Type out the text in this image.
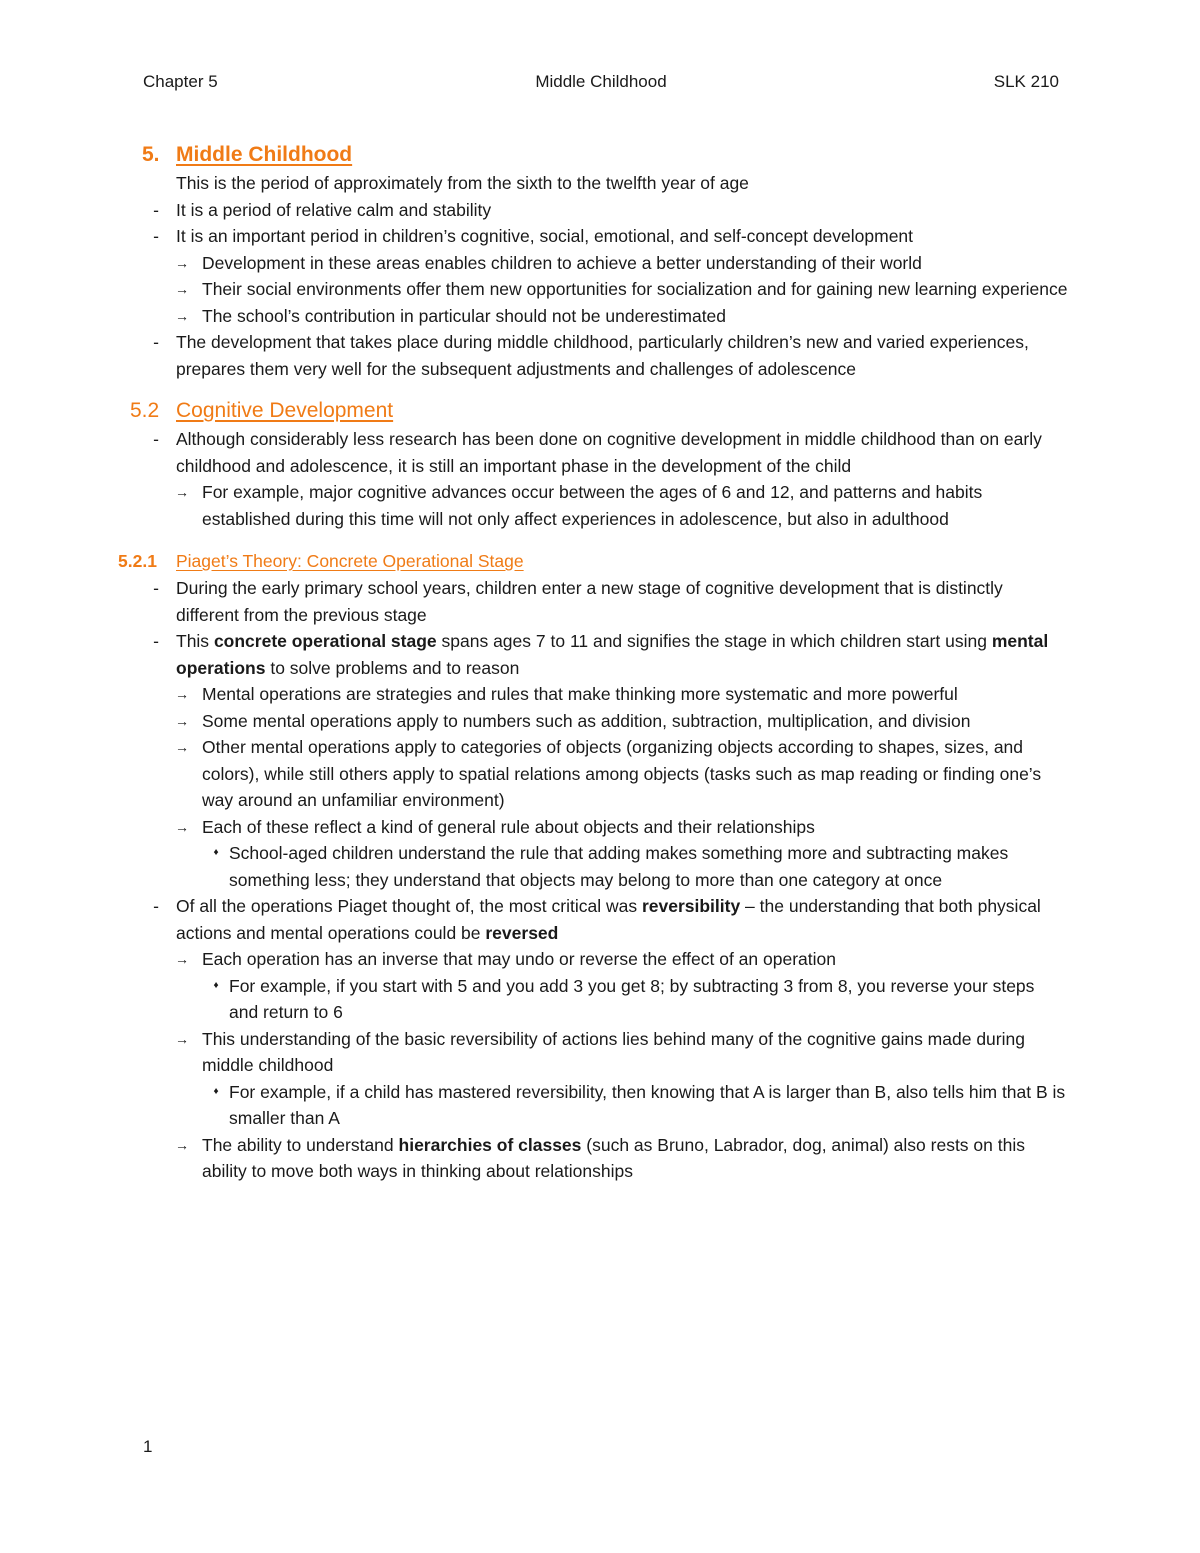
Chapter 5	Middle Childhood	SLK 210
5. Middle Childhood
This is the period of approximately from the sixth to the twelfth year of age
- It is a period of relative calm and stability
- It is an important period in children’s cognitive, social, emotional, and self-concept development
→ Development in these areas enables children to achieve a better understanding of their world
→ Their social environments offer them new opportunities for socialization and for gaining new learning experience
→ The school’s contribution in particular should not be underestimated
- The development that takes place during middle childhood, particularly children’s new and varied experiences, prepares them very well for the subsequent adjustments and challenges of adolescence
5.2 Cognitive Development
- Although considerably less research has been done on cognitive development in middle childhood than on early childhood and adolescence, it is still an important phase in the development of the child
→ For example, major cognitive advances occur between the ages of 6 and 12, and patterns and habits established during this time will not only affect experiences in adolescence, but also in adulthood
5.2.1	Piaget’s Theory: Concrete Operational Stage
- During the early primary school years, children enter a new stage of cognitive development that is distinctly different from the previous stage
- This concrete operational stage spans ages 7 to 11 and signifies the stage in which children start using mental operations to solve problems and to reason
→ Mental operations are strategies and rules that make thinking more systematic and more powerful
→ Some mental operations apply to numbers such as addition, subtraction, multiplication, and division
→ Other mental operations apply to categories of objects (organizing objects according to shapes, sizes, and colors), while still others apply to spatial relations among objects (tasks such as map reading or finding one’s way around an unfamiliar environment)
→ Each of these reflect a kind of general rule about objects and their relationships
♦ School-aged children understand the rule that adding makes something more and subtracting makes something less; they understand that objects may belong to more than one category at once
- Of all the operations Piaget thought of, the most critical was reversibility – the understanding that both physical actions and mental operations could be reversed
→ Each operation has an inverse that may undo or reverse the effect of an operation
♦ For example, if you start with 5 and you add 3 you get 8; by subtracting 3 from 8, you reverse your steps and return to 6
→ This understanding of the basic reversibility of actions lies behind many of the cognitive gains made during middle childhood
♦ For example, if a child has mastered reversibility, then knowing that A is larger than B, also tells him that B is smaller than A
→ The ability to understand hierarchies of classes (such as Bruno, Labrador, dog, animal) also rests on this ability to move both ways in thinking about relationships
1
